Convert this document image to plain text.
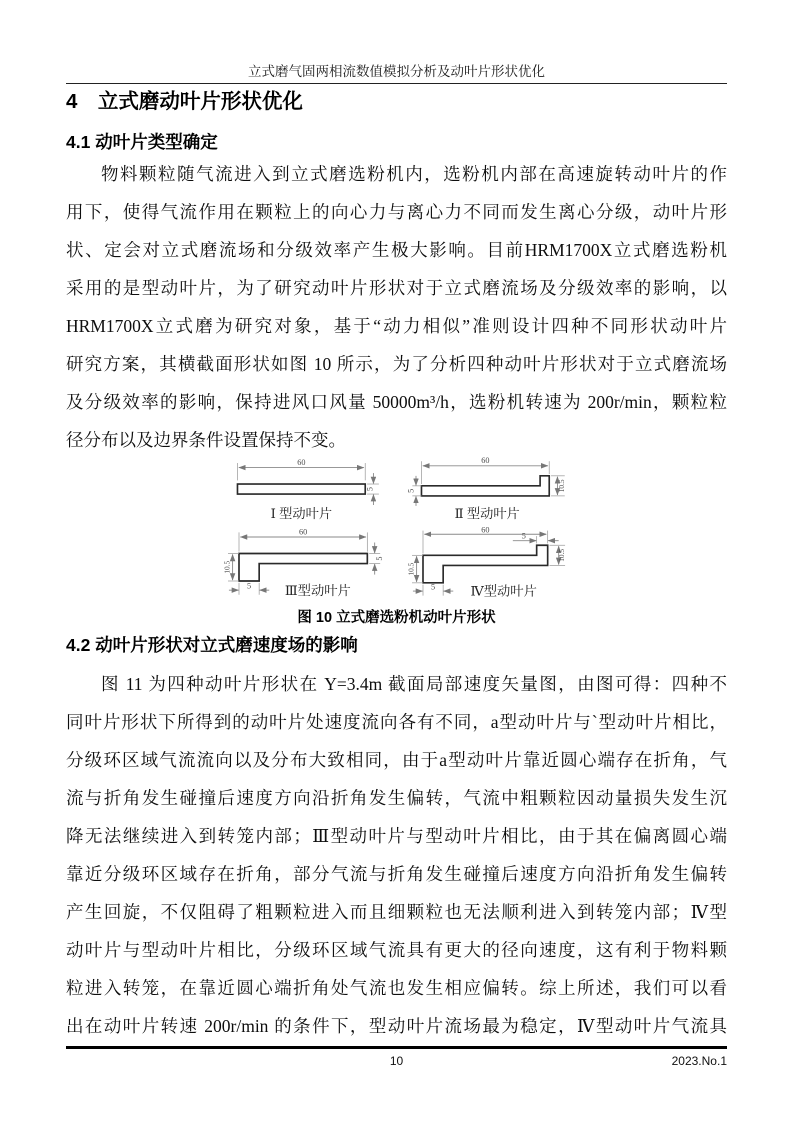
立式磨气固两相流数值模拟分析及动叶片形状优化
4　立式磨动叶片形状优化
4.1 动叶片类型确定
物料颗粒随气流进入到立式磨选粉机内，选粉机内部在高速旋转动叶片的作
用下，使得气流作用在颗粒上的向心力与离心力不同而发生离心分级，动叶片形
状、定会对立式磨流场和分级效率产生极大影响。目前HRM1700X立式磨选粉机
采用的是型动叶片，为了研究动叶片形状对于立式磨流场及分级效率的影响，以
HRM1700X立式磨为研究对象，基于“动力相似”准则设计四种不同形状动叶片
研究方案，其横截面形状如图 10 所示，为了分析四种动叶片形状对于立式磨流场
及分级效率的影响，保持进风口风量 50000m³/h，选粉机转速为 200r/min，颗粒粒
径分布以及边界条件设置保持不变。
60
5
Ⅰ 型动叶片
60
5	10.5
Ⅱ 型动叶片
60
10.5
5
5 Ⅲ型动叶片
60
5
10.5
10.5
5 Ⅳ型动叶片
图 10 立式磨选粉机动叶片形状
4.2 动叶片形状对立式磨速度场的影响
图 11 为四种动叶片形状在 Y=3.4m 截面局部速度矢量图，由图可得：四种不
同叶片形状下所得到的动叶片处速度流向各有不同，a型动叶片与`型动叶片相比，
分级环区域气流流向以及分布大致相同，由于a型动叶片靠近圆心端存在折角，气
流与折角发生碰撞后速度方向沿折角发生偏转，气流中粗颗粒因动量损失发生沉
降无法继续进入到转笼内部；Ⅲ型动叶片与型动叶片相比，由于其在偏离圆心端
靠近分级环区域存在折角，部分气流与折角发生碰撞后速度方向沿折角发生偏转
产生回旋，不仅阻碍了粗颗粒进入而且细颗粒也无法顺利进入到转笼内部；Ⅳ型
动叶片与型动叶片相比，分级环区域气流具有更大的径向速度，这有利于物料颗
粒进入转笼，在靠近圆心端折角处气流也发生相应偏转。综上所述，我们可以看
出在动叶片转速 200r/min 的条件下，型动叶片流场最为稳定，Ⅳ型动叶片气流具
10	2023.No.1
